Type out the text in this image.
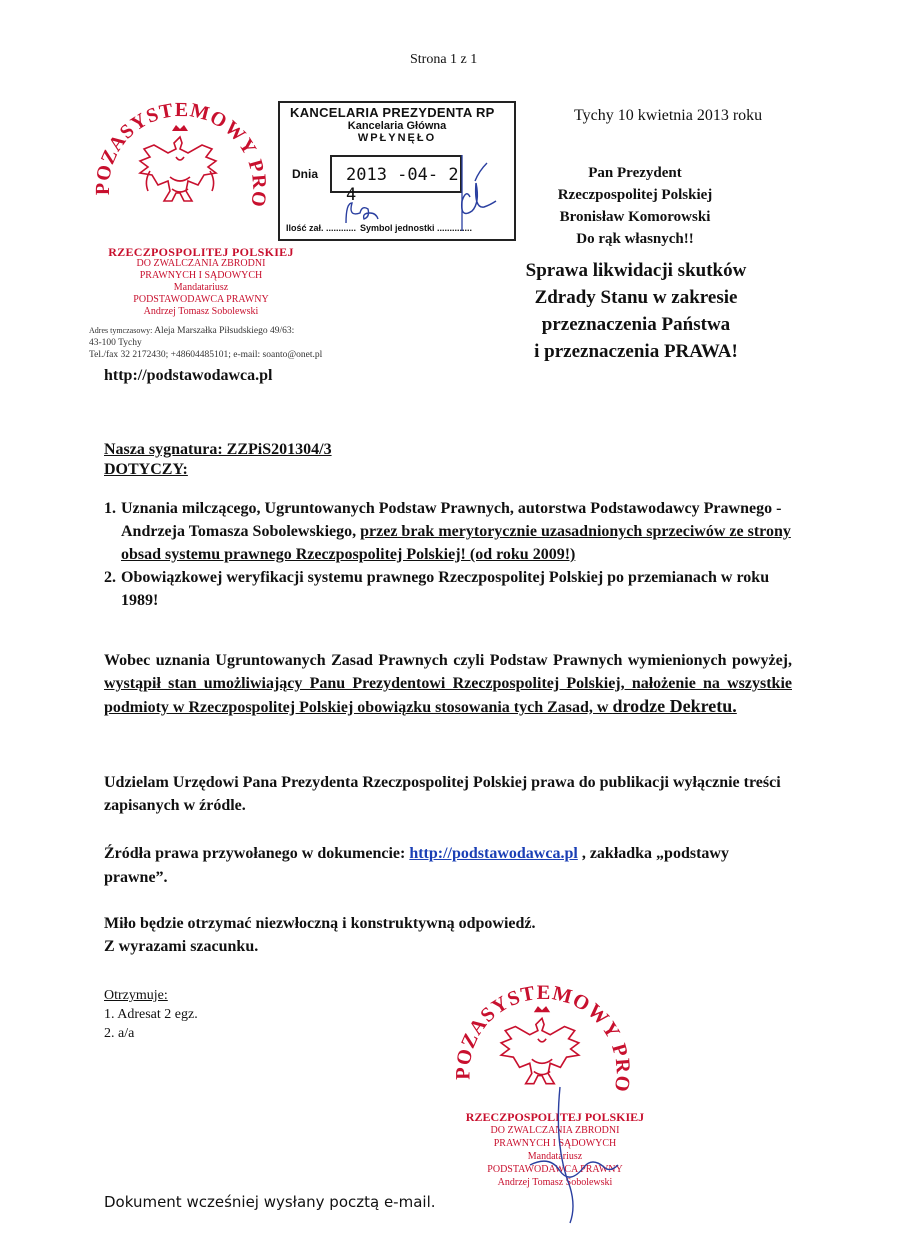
Strona 1 z 1
POZASYSTEMOWY PRO
RZECZPOSPOLITEJ POLSKIEJ
DO ZWALCZANIA ZBRODNI
PRAWNYCH I SĄDOWYCH
Mandatariusz
PODSTAWODAWCA PRAWNY
Andrzej Tomasz Sobolewski
Adres tymczasowy: Aleja Marszałka Piłsudskiego 49/63:
43-100 Tychy
Tel./fax 32 2172430; +48604485101; e-mail: soanto@onet.pl
http://podstawodawca.pl
KANCELARIA PREZYDENTA RP
Kancelaria Główna
WPŁYNĘŁO
Dnia 2013 -04- 2 4
Ilość zał. ............ Symbol jednostki ..............
Tychy 10 kwietnia 2013 roku
Pan Prezydent
Rzeczpospolitej Polskiej
Bronisław Komorowski
Do rąk własnych!!
Sprawa likwidacji skutków
Zdrady Stanu w zakresie
przeznaczenia Państwa
i przeznaczenia PRAWA!
Nasza sygnatura: ZZPiS201304/3
DOTYCZY:
1. Uznania milczącego, Ugruntowanych Podstaw Prawnych, autorstwa Podstawodawcy Prawnego - Andrzeja Tomasza Sobolewskiego, przez brak merytorycznie uzasadnionych sprzeciwów ze strony obsad systemu prawnego Rzeczpospolitej Polskiej! (od roku 2009!)
2. Obowiązkowej weryfikacji systemu prawnego Rzeczpospolitej Polskiej po przemianach w roku 1989!
Wobec uznania Ugruntowanych Zasad Prawnych czyli Podstaw Prawnych wymienionych powyżej, wystąpił stan umożliwiający Panu Prezydentowi Rzeczpospolitej Polskiej, nałożenie na wszystkie podmioty w Rzeczpospolitej Polskiej obowiązku stosowania tych Zasad, w drodze Dekretu.
Udzielam Urzędowi Pana Prezydenta Rzeczpospolitej Polskiej prawa do publikacji wyłącznie treści zapisanych w źródle.
Źródła prawa przywołanego w dokumencie: http://podstawodawca.pl , zakładka „podstawy prawne”.
Miło będzie otrzymać niezwłoczną i konstruktywną odpowiedź.
Z wyrazami szacunku.
Otrzymuje:
1. Adresat 2 egz.
2. a/a
POZASYSTEMOWY PRO
RZECZPOSPOLITEJ POLSKIEJ
DO ZWALCZANIA ZBRODNI
PRAWNYCH I SĄDOWYCH
Mandatariusz
PODSTAWODAWCA PRAWNY
Andrzej Tomasz Sobolewski
Dokument wcześniej wysłany pocztą e-mail.
